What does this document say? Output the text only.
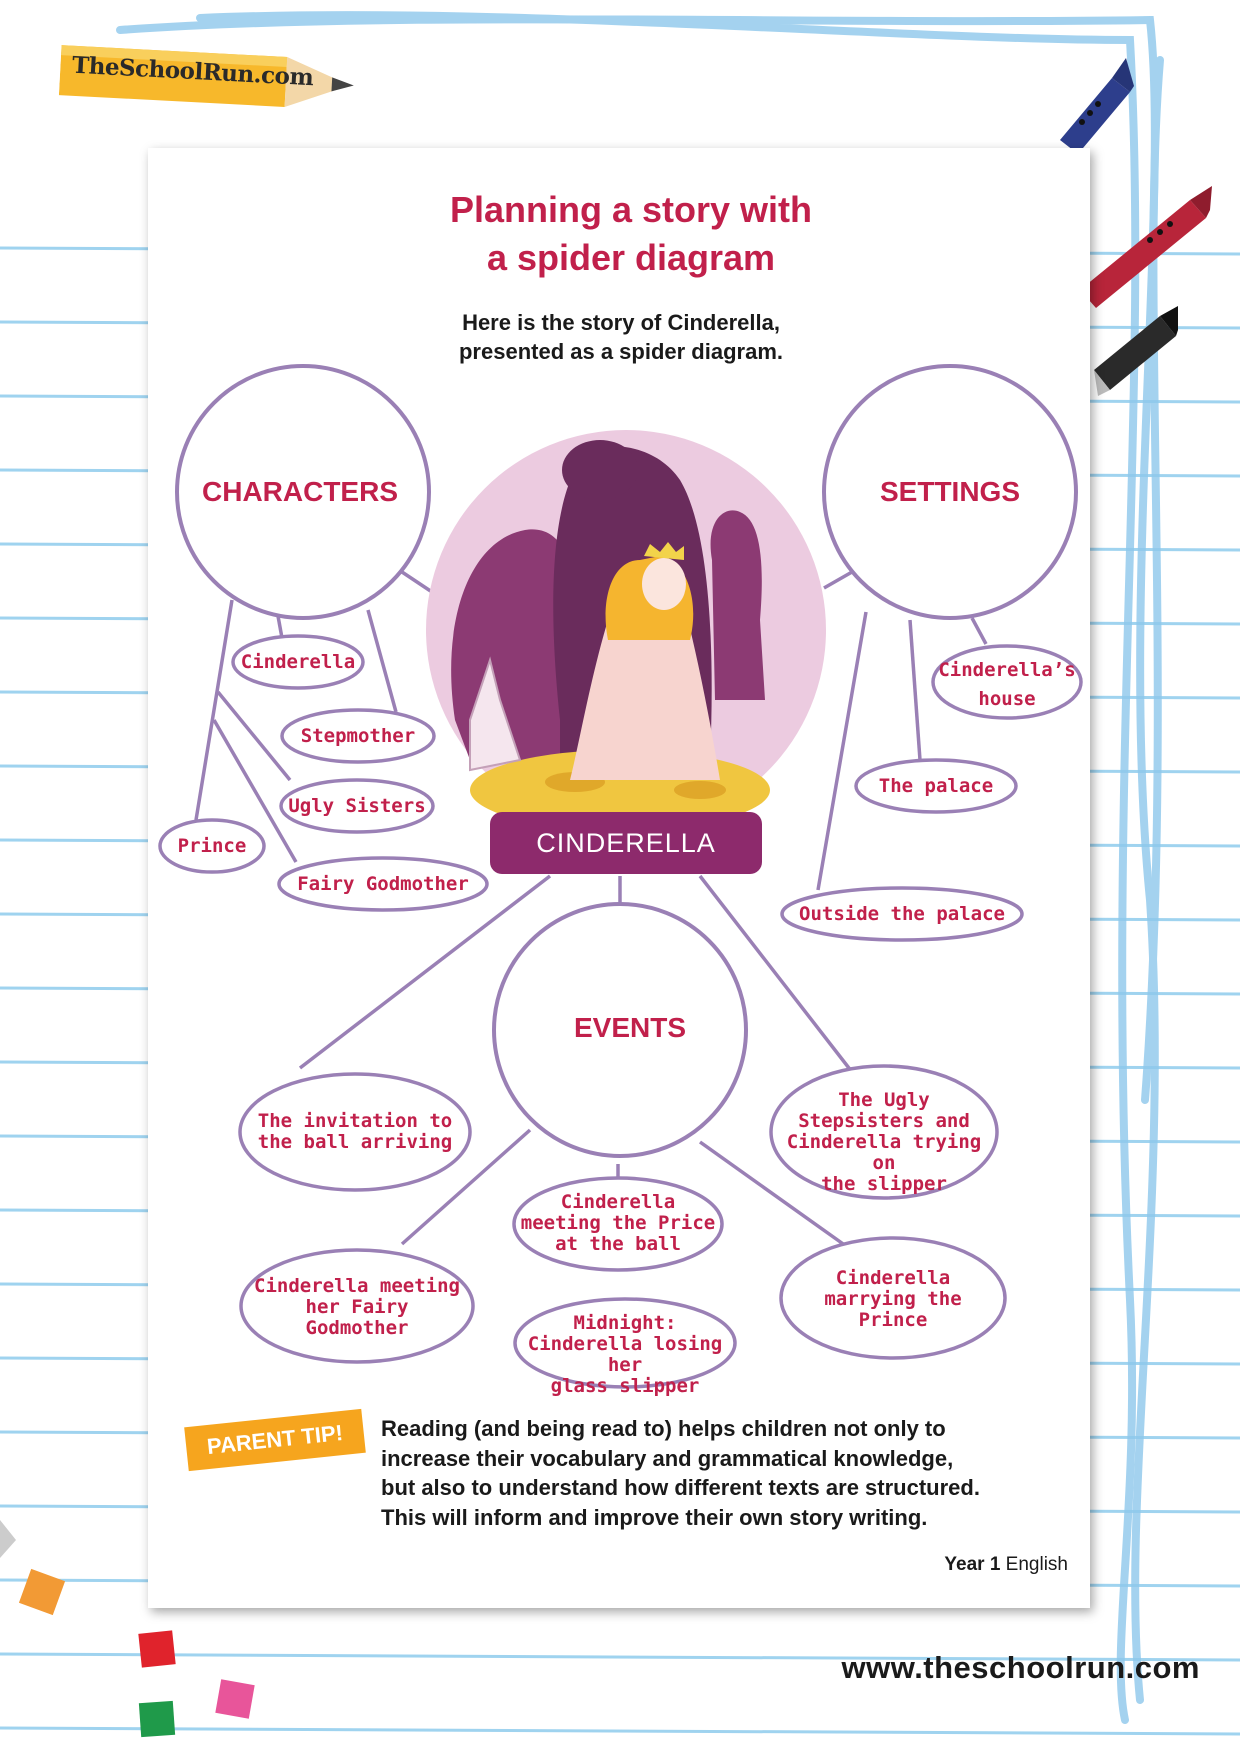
TheSchoolRun.com
Planning a story with
a spider diagram
Here is the story of Cinderella,
presented as a spider diagram.
CHARACTERS	SETTINGS
EVENTS
CINDERELLA
Cinderella
Stepmother
Ugly Sisters
Prince
Fairy Godmother
Cinderella’s
house
The palace
Outside the palace
The invitation to
the ball arriving
The Ugly
Stepsisters and
Cinderella trying on
the slipper
Cinderella
meeting the Price
at the ball
Cinderella meeting
her Fairy
Godmother	Midnight:
Cinderella losing her
glass slipper
Cinderella
marrying the
Prince
PARENT TIP!	Reading (and being read to) helps children not only to
increase their vocabulary and grammatical knowledge,
but also to understand how different texts are structured.
This will inform and improve their own story writing.
Year 1 English
www.theschoolrun.com
